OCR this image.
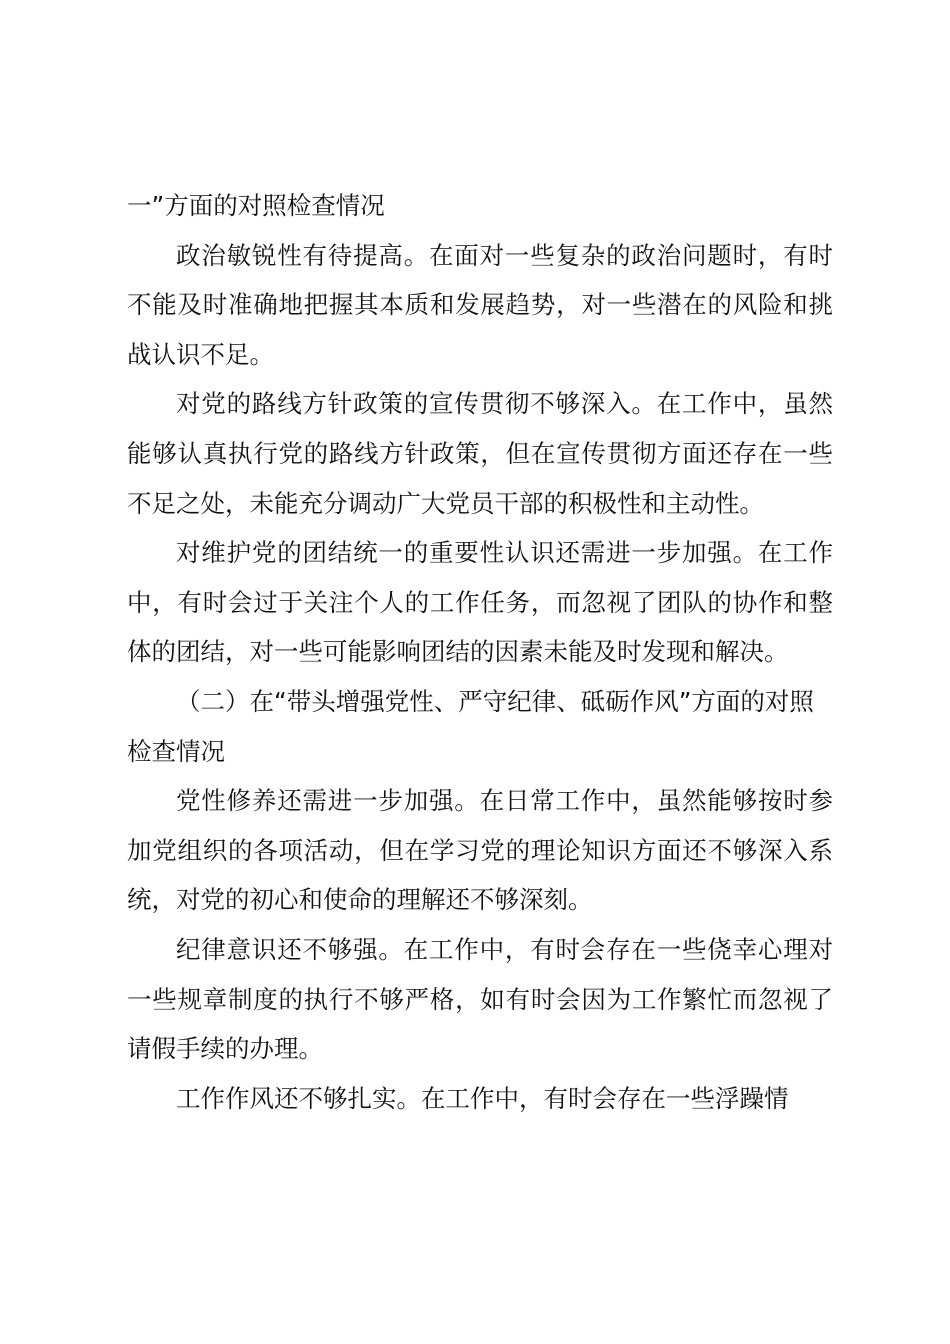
一”方面的对照检查情况

政治敏锐性有待提高。在面对一些复杂的政治问题时，有时不能及时准确地把握其本质和发展趋势，对一些潜在的风险和挑战认识不足。

对党的路线方针政策的宣传贯彻不够深入。在工作中，虽然能够认真执行党的路线方针政策，但在宣传贯彻方面还存在一些不足之处，未能充分调动广大党员干部的积极性和主动性。

对维护党的团结统一的重要性认识还需进一步加强。在工作中，有时会过于关注个人的工作任务，而忽视了团队的协作和整体的团结，对一些可能影响团结的因素未能及时发现和解决。

（二）在“带头增强党性、严守纪律、砥砺作风”方面的对照检查情况

党性修养还需进一步加强。在日常工作中，虽然能够按时参加党组织的各项活动，但在学习党的理论知识方面还不够深入系统，对党的初心和使命的理解还不够深刻。

纪律意识还不够强。在工作中，有时会存在一些侥幸心理对一些规章制度的执行不够严格，如有时会因为工作繁忙而忽视了请假手续的办理。

工作作风还不够扎实。在工作中，有时会存在一些浮躁情
